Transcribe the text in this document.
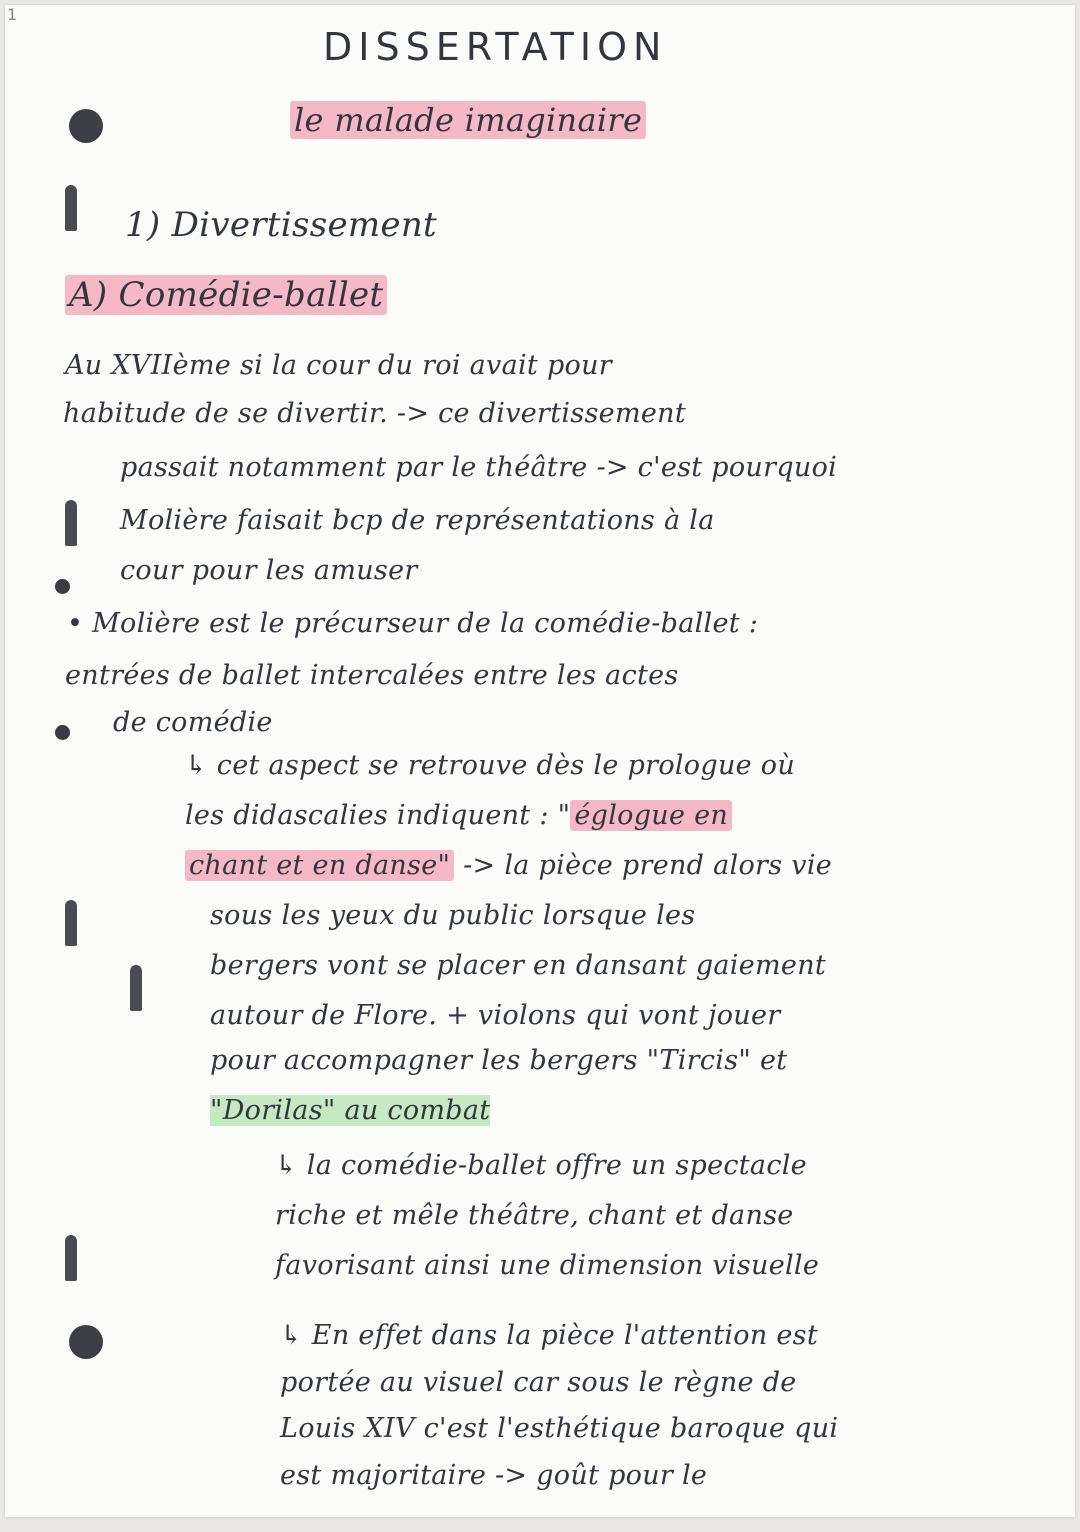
1
DISSERTATION
le malade imaginaire
1) Divertissement
A) Comédie-ballet
Au XVIIème si la cour du roi avait pour
habitude de se divertir. -> ce divertissement
passait notamment par le théâtre -> c'est pourquoi
Molière faisait bcp de représentations à la
cour pour les amuser
• Molière est le précurseur de la comédie-ballet :
entrées de ballet intercalées entre les actes
de comédie
↳ cet aspect se retrouve dès le prologue où
les didascalies indiquent : " églogue en
chant et en danse" -> la pièce prend alors vie
sous les yeux du public lorsque les
bergers vont se placer en dansant gaiement
autour de Flore. + violons qui vont jouer
pour accompagner les bergers "Tircis" et
"Dorilas" au combat
↳ la comédie-ballet offre un spectacle
riche et mêle théâtre, chant et danse
favorisant ainsi une dimension visuelle
↳ En effet dans la pièce l'attention est
portée au visuel car sous le règne de
Louis XIV c'est l'esthétique baroque qui
est majoritaire -> goût pour le
